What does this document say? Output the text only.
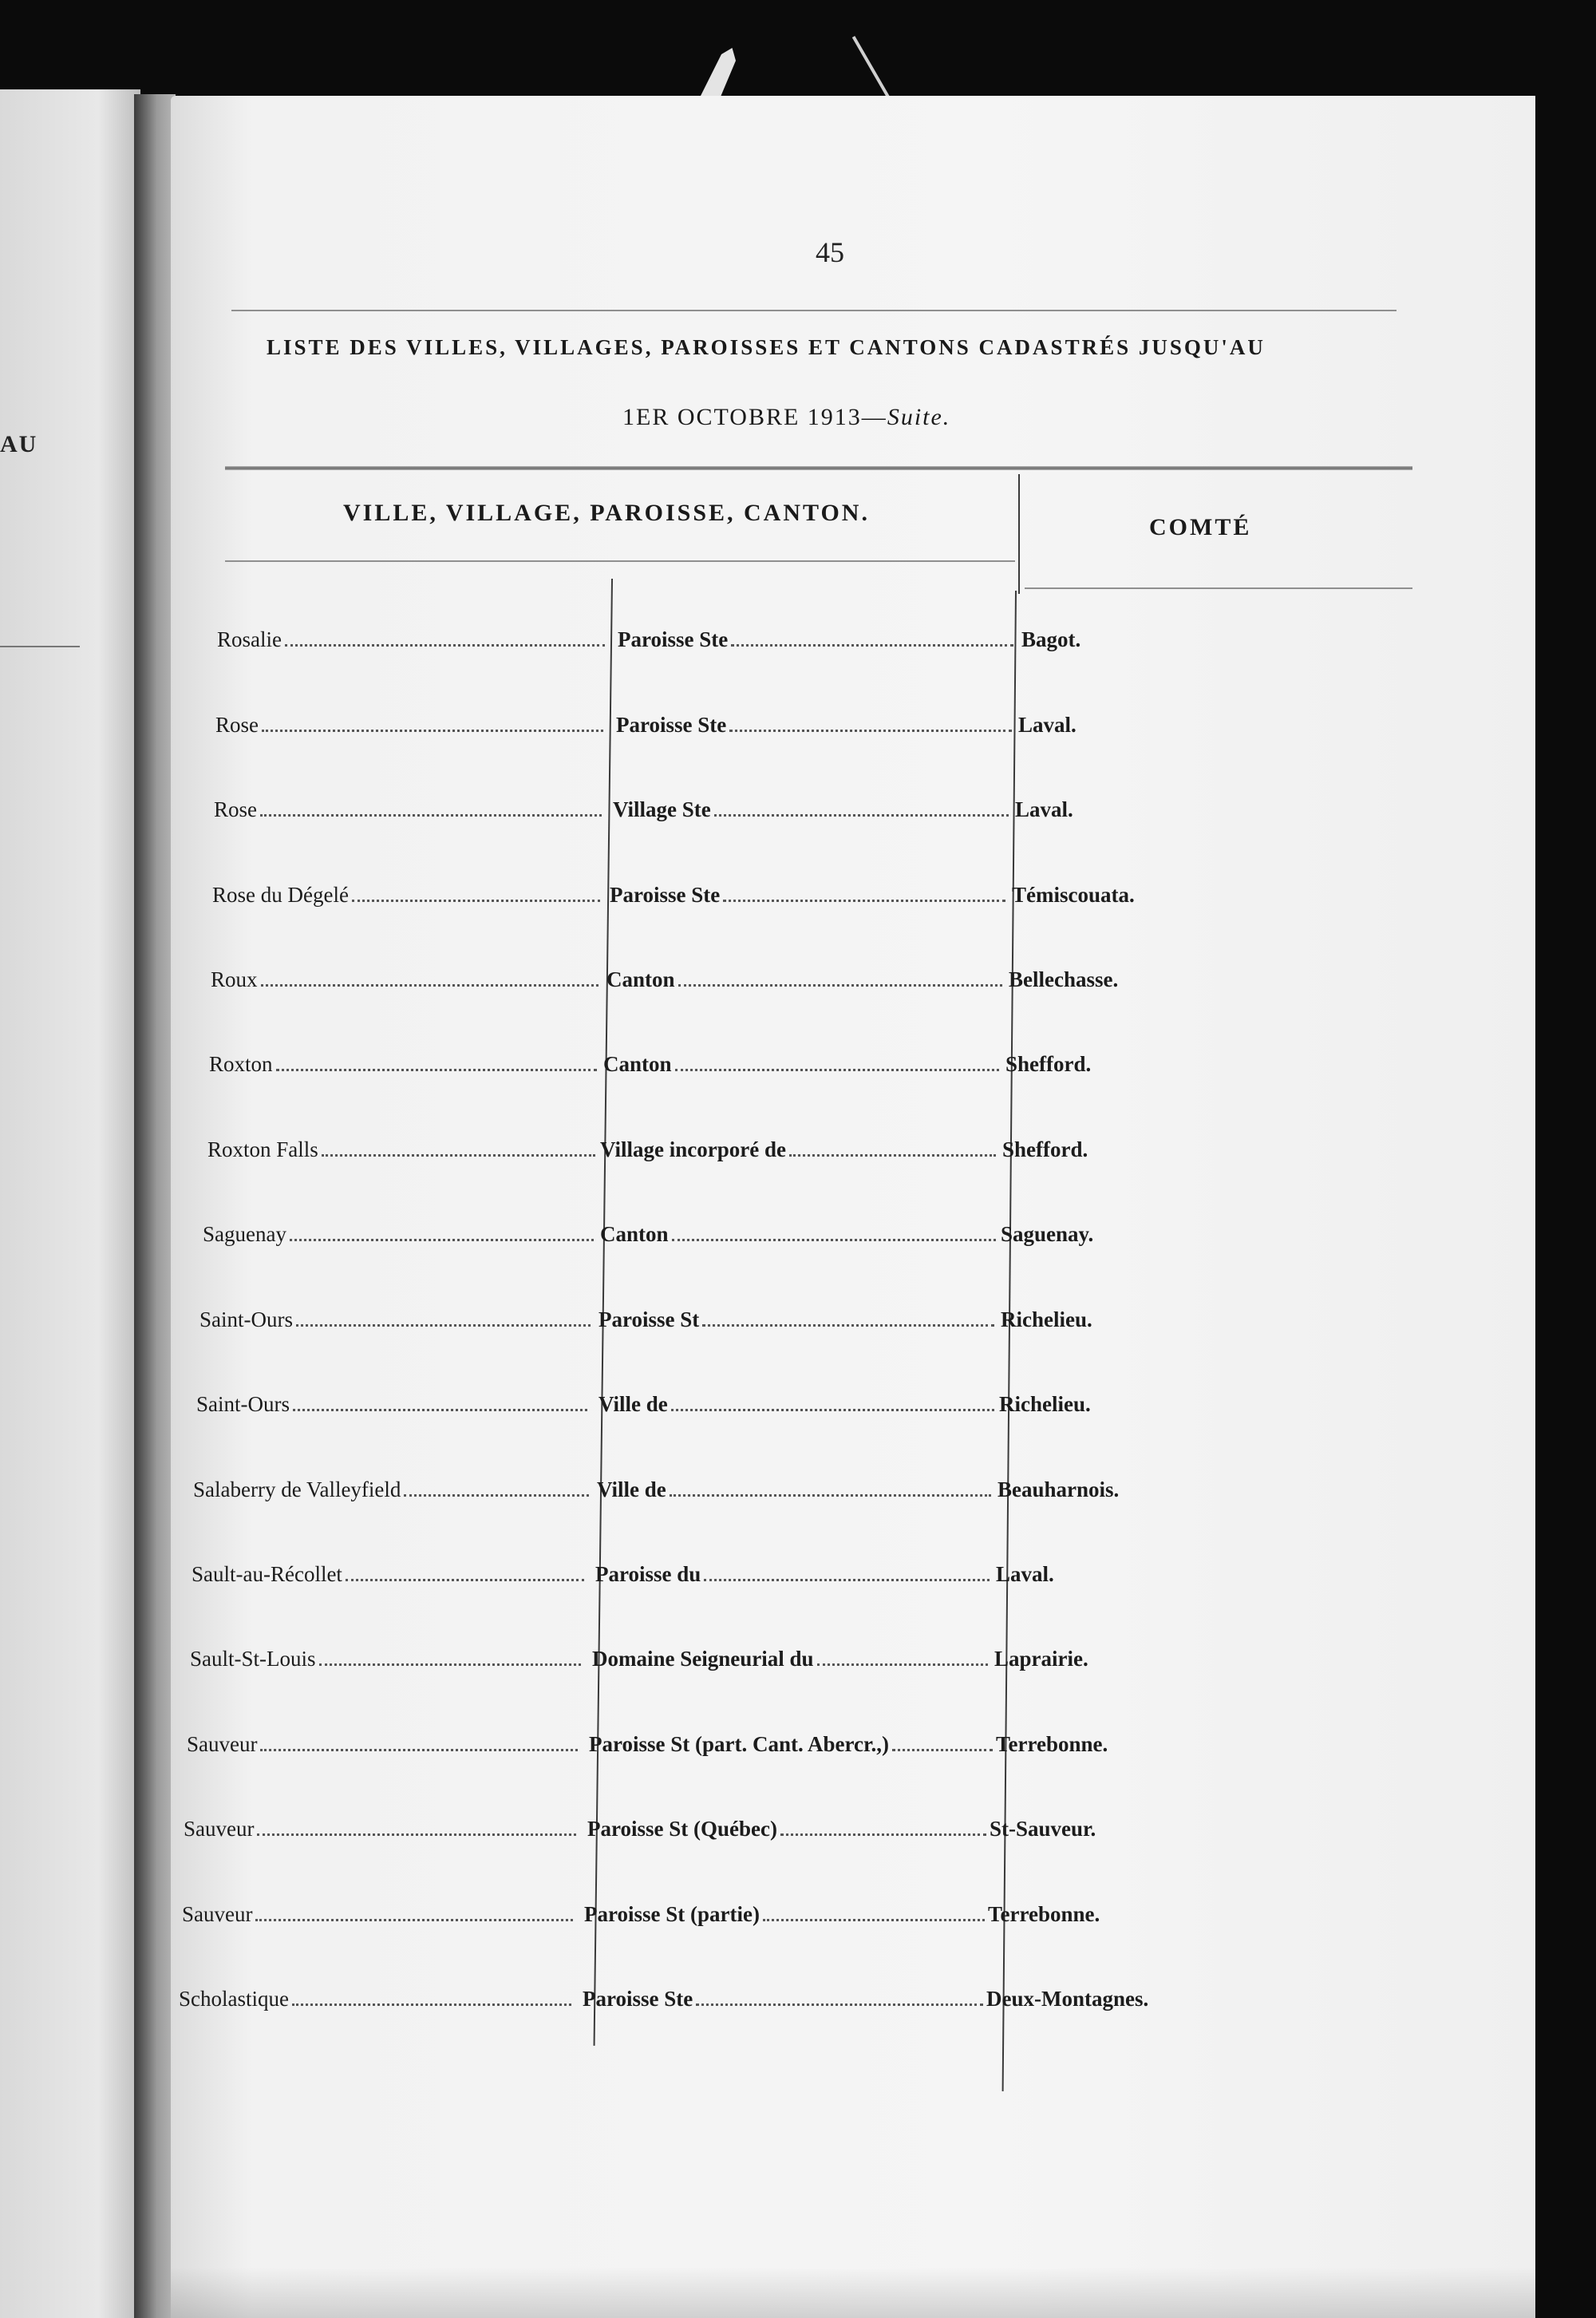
AU
45
LISTE DES VILLES, VILLAGES, PAROISSES ET CANTONS CADASTRÉS JUSQU'AU
1ER OCTOBRE 1913—Suite.
VILLE, VILLAGE, PAROISSE, CANTON.
COMTÉ
Rosalie	Paroisse Ste	Bagot.
Rose	Paroisse Ste	Laval.
Rose	Village Ste	Laval.
Rose du Dégelé	Paroisse Ste	Témiscouata.
Roux	Canton	Bellechasse.
Roxton	Canton	Shefford.
Roxton Falls	Village incorporé de	Shefford.
Saguenay	Canton	Saguenay.
Saint-Ours	Paroisse St	Richelieu.
Saint-Ours	Ville de	Richelieu.
Salaberry de Valleyfield	Ville de	Beauharnois.
Sault-au-Récollet	Paroisse du	Laval.
Sault-St-Louis	Domaine Seigneurial du	Laprairie.
Sauveur	Paroisse St (part. Cant. Abercr.,)	Terrebonne.
Sauveur	Paroisse St (Québec)	St-Sauveur.
Sauveur	Paroisse St (partie)	Terrebonne.
Scholastique	Paroisse Ste	Deux-Montagnes.
